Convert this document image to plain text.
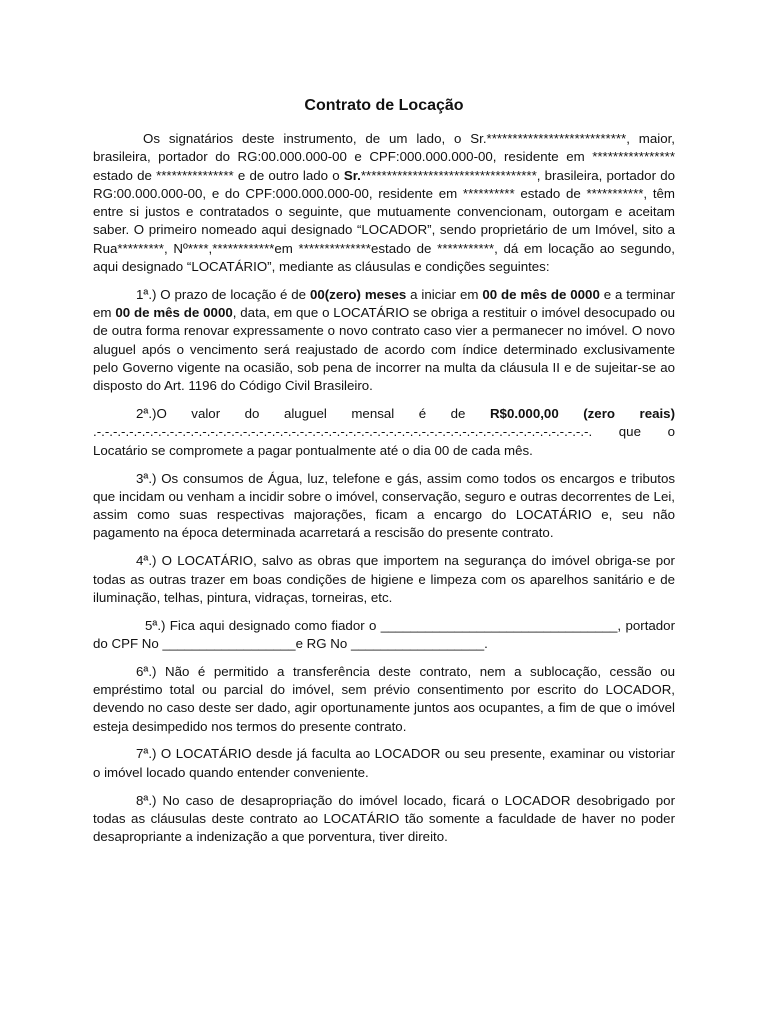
Contrato de Locação

Os signatários deste instrumento, de um lado, o Sr.***************************, maior, brasileira, portador do RG:00.000.000-00 e CPF:000.000.000-00, residente em **************** estado de *************** e de outro lado o Sr.**********************************, brasileira, portador do RG:00.000.000-00, e do CPF:000.000.000-00, residente em ********** estado de ***********, têm entre si justos e contratados o seguinte, que mutuamente convencionam, outorgam e aceitam saber. O primeiro nomeado aqui designado “LOCADOR”, sendo proprietário de um Imóvel, sito a Rua*********, Nº****,************em **************estado de ***********, dá em locação ao segundo, aqui designado “LOCATÁRIO”, mediante as cláusulas e condições seguintes:

1ª.) O prazo de locação é de 00(zero) meses a iniciar em 00 de mês de 0000 e a terminar em 00 de mês de 0000, data, em que o LOCATÁRIO se obriga a restituir o imóvel desocupado ou de outra forma renovar expressamente o novo contrato caso vier a permanecer no imóvel. O novo aluguel após o vencimento será reajustado de acordo com índice determinado exclusivamente pelo Governo vigente na ocasião, sob pena de incorrer na multa da cláusula II e de sujeitar-se ao disposto do Art. 1196 do Código Civil Brasileiro.

2ª.)O valor do aluguel mensal é de R$0.000,00 (zero reais) .-.-.-.-.-.-.-.-.-.-.-.-.-.-.-.-.-.-.-.-.-.-.-.-.-.-.-.-.-.-.-.-.-.-.-.-.-.-.-.-.-.-.-.-.-.-.-.-.-.-.-.-.-.-.-.-.-.-.-.-.-. que o Locatário se compromete a pagar pontualmente até o dia 00 de cada mês.

3ª.) Os consumos de Água, luz, telefone e gás, assim como todos os encargos e tributos que incidam ou venham a incidir sobre o imóvel, conservação, seguro e outras decorrentes de Lei, assim como suas respectivas majorações, ficam a encargo do LOCATÁRIO e, seu não pagamento na época determinada acarretará a rescisão do presente contrato.

4ª.) O LOCATÁRIO, salvo as obras que importem na segurança do imóvel obriga-se por todas as outras trazer em boas condições de higiene e limpeza com os aparelhos sanitário e de iluminação, telhas, pintura, vidraças, torneiras, etc.

5ª.) Fica aqui designado como fiador o ________________________________, portador do CPF No __________________e RG No __________________.

6ª.) Não é permitido a transferência deste contrato, nem a sublocação, cessão ou empréstimo total ou parcial do imóvel, sem prévio consentimento por escrito do LOCADOR, devendo no caso deste ser dado, agir oportunamente juntos aos ocupantes, a fim de que o imóvel esteja desimpedido nos termos do presente contrato.

7ª.) O LOCATÁRIO desde já faculta ao LOCADOR ou seu presente, examinar ou vistoriar o imóvel locado quando entender conveniente.

8ª.) No caso de desapropriação do imóvel locado, ficará o LOCADOR desobrigado por todas as cláusulas deste contrato ao LOCATÁRIO tão somente a faculdade de haver no poder desapropriante a indenização a que porventura, tiver direito.
